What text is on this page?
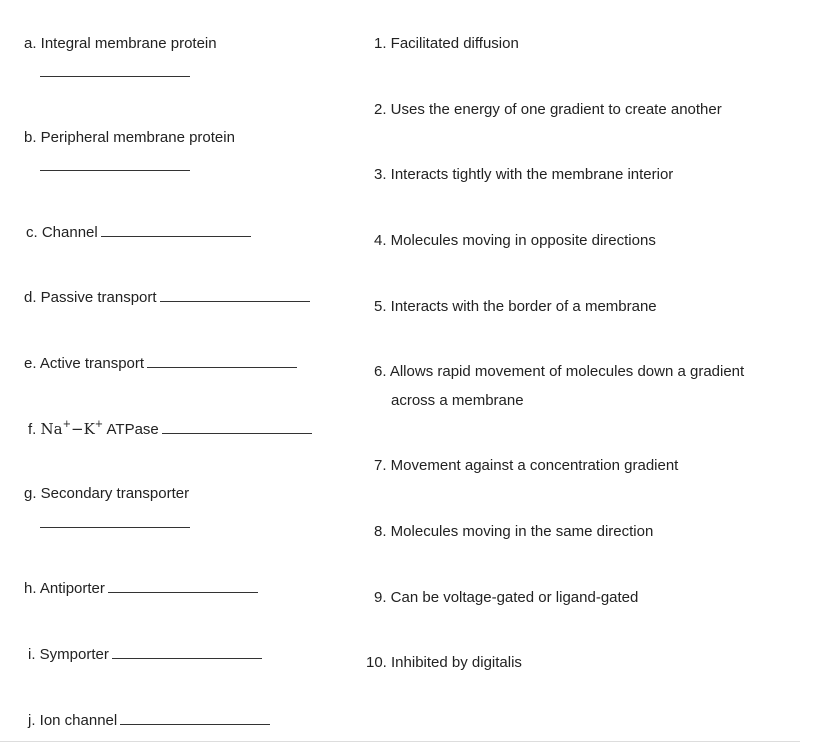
a. Integral membrane protein
b. Peripheral membrane protein
c. Channel
d. Passive transport
e. Active transport
f. Na+−K+ ATPase
g. Secondary transporter
h. Antiporter
i. Symporter
j. Ion channel
1. Facilitated diffusion
2. Uses the energy of one gradient to create another
3. Interacts tightly with the membrane interior
4. Molecules moving in opposite directions
5. Interacts with the border of a membrane
6. Allows rapid movement of molecules down a gradient
across a membrane
7. Movement against a concentration gradient
8. Molecules moving in the same direction
9. Can be voltage-gated or ligand-gated
10. Inhibited by digitalis
